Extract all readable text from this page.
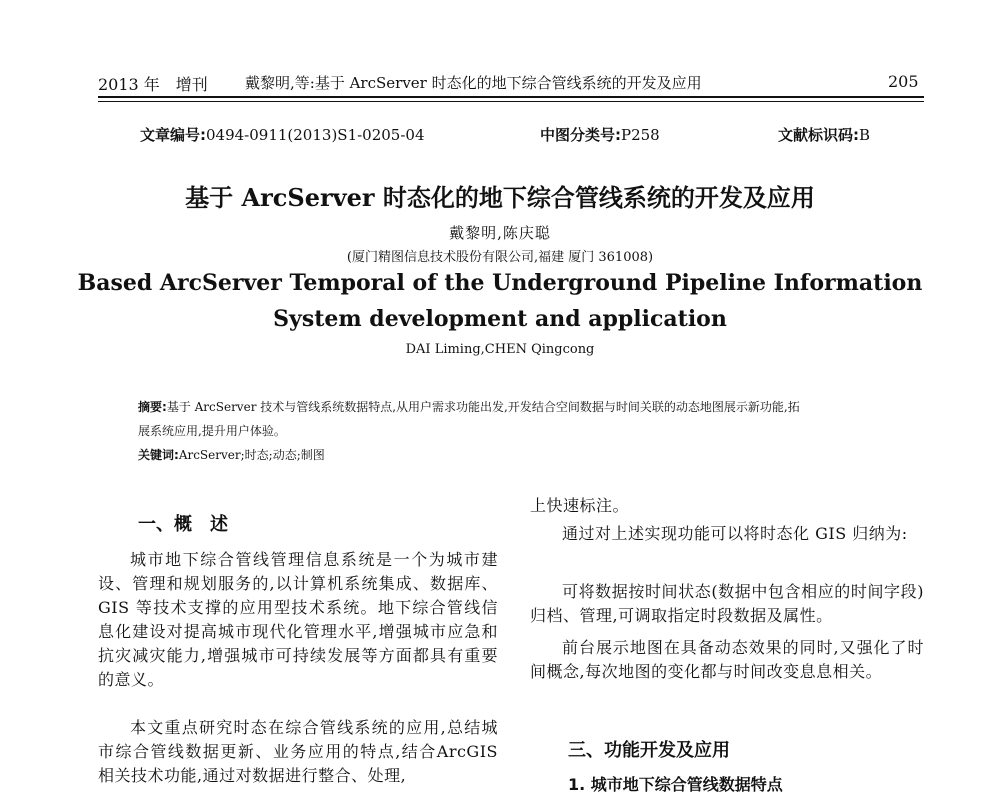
2013 年　增刊 戴黎明,等:基于 ArcServer 时态化的地下综合管线系统的开发及应用	205
文章编号:0494-0911(2013)S1-0205-04	中图分类号:P258	文献标识码:B
基于 ArcServer 时态化的地下综合管线系统的开发及应用
戴黎明,陈庆聪
(厦门精图信息技术股份有限公司,福建 厦门 361008)
Based ArcServer Temporal of the Underground Pipeline Information
System development and application
DAI Liming,CHEN Qingcong
摘要:基于 ArcServer 技术与管线系统数据特点,从用户需求功能出发,开发结合空间数据与时间关联的动态地图展示新功能,拓
展系统应用,提升用户体验。
关键词:ArcServer;时态;动态;制图
一、概　述
城市地下综合管线管理信息系统是一个为城市建设、管理和规划服务的,以计算机系统集成、数据库、GIS 等技术支撑的应用型技术系统。地下综合管线信息化建设对提高城市现代化管理水平,增强城市应急和抗灾减灾能力,增强城市可持续发展等方面都具有重要的意义。
本文重点研究时态在综合管线系统的应用,总结城市综合管线数据更新、业务应用的特点,结合ArcGIS 相关技术功能,通过对数据进行整合、处理,
上快速标注。
通过对上述实现功能可以将时态化 GIS 归纳为:
可将数据按时间状态(数据中包含相应的时间字段)归档、管理,可调取指定时段数据及属性。
前台展示地图在具备动态效果的同时,又强化了时间概念,每次地图的变化都与时间改变息息相关。
三、功能开发及应用
1. 城市地下综合管线数据特点
